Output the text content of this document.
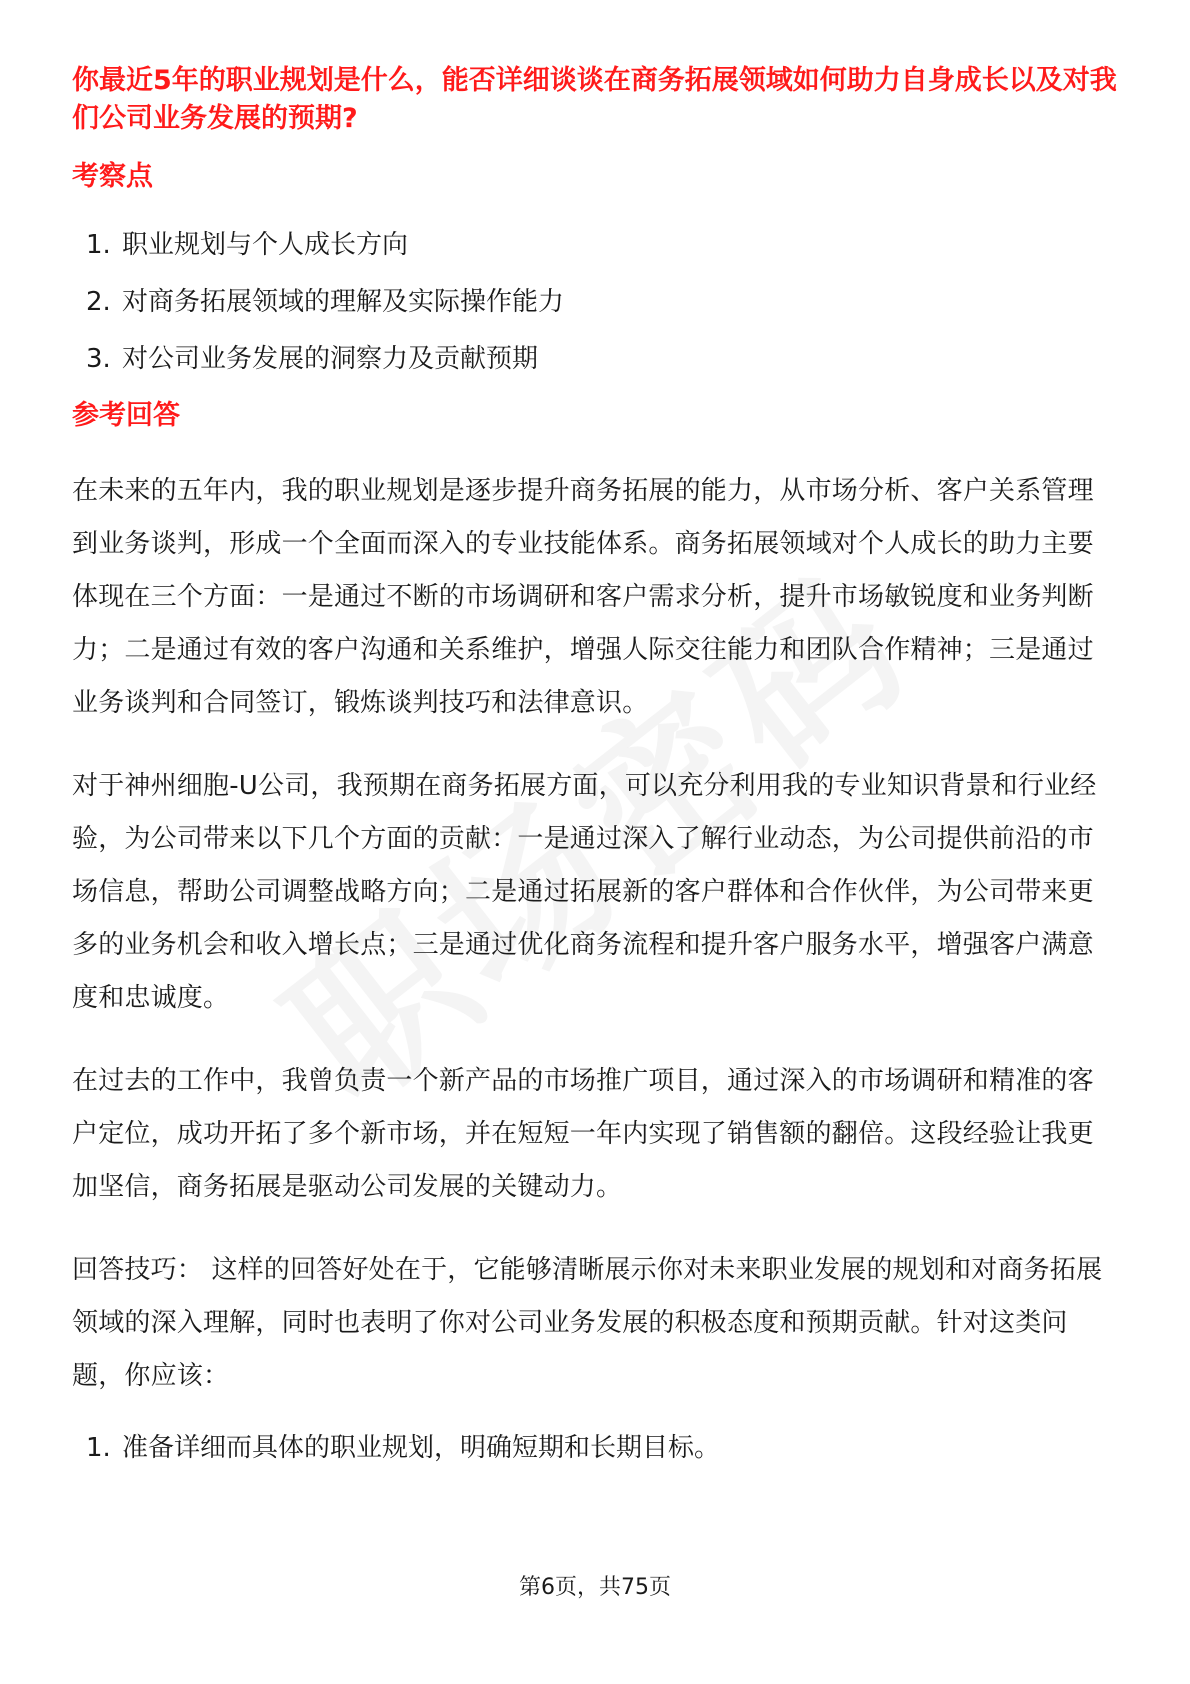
你最近5年的职业规划是什么，能否详细谈谈在商务拓展领域如何助力自身成长以及对我们公司业务发展的预期?

考察点

1. 职业规划与个人成长方向
2. 对商务拓展领域的理解及实际操作能力
3. 对公司业务发展的洞察力及贡献预期

参考回答

在未来的五年内，我的职业规划是逐步提升商务拓展的能力，从市场分析、客户关系管理到业务谈判，形成一个全面而深入的专业技能体系。商务拓展领域对个人成长的助力主要体现在三个方面：一是通过不断的市场调研和客户需求分析，提升市场敏锐度和业务判断力；二是通过有效的客户沟通和关系维护，增强人际交往能力和团队合作精神；三是通过业务谈判和合同签订，锻炼谈判技巧和法律意识。

对于神州细胞-U公司，我预期在商务拓展方面，可以充分利用我的专业知识背景和行业经验，为公司带来以下几个方面的贡献：一是通过深入了解行业动态，为公司提供前沿的市场信息，帮助公司调整战略方向；二是通过拓展新的客户群体和合作伙伴，为公司带来更多的业务机会和收入增长点；三是通过优化商务流程和提升客户服务水平，增强客户满意度和忠诚度。

在过去的工作中，我曾负责一个新产品的市场推广项目，通过深入的市场调研和精准的客户定位，成功开拓了多个新市场，并在短短一年内实现了销售额的翻倍。这段经验让我更加坚信，商务拓展是驱动公司发展的关键动力。

回答技巧： 这样的回答好处在于，它能够清晰展示你对未来职业发展的规划和对商务拓展领域的深入理解，同时也表明了你对公司业务发展的积极态度和预期贡献。针对这类问题，你应该：

1. 准备详细而具体的职业规划，明确短期和长期目标。
第6页，共75页
